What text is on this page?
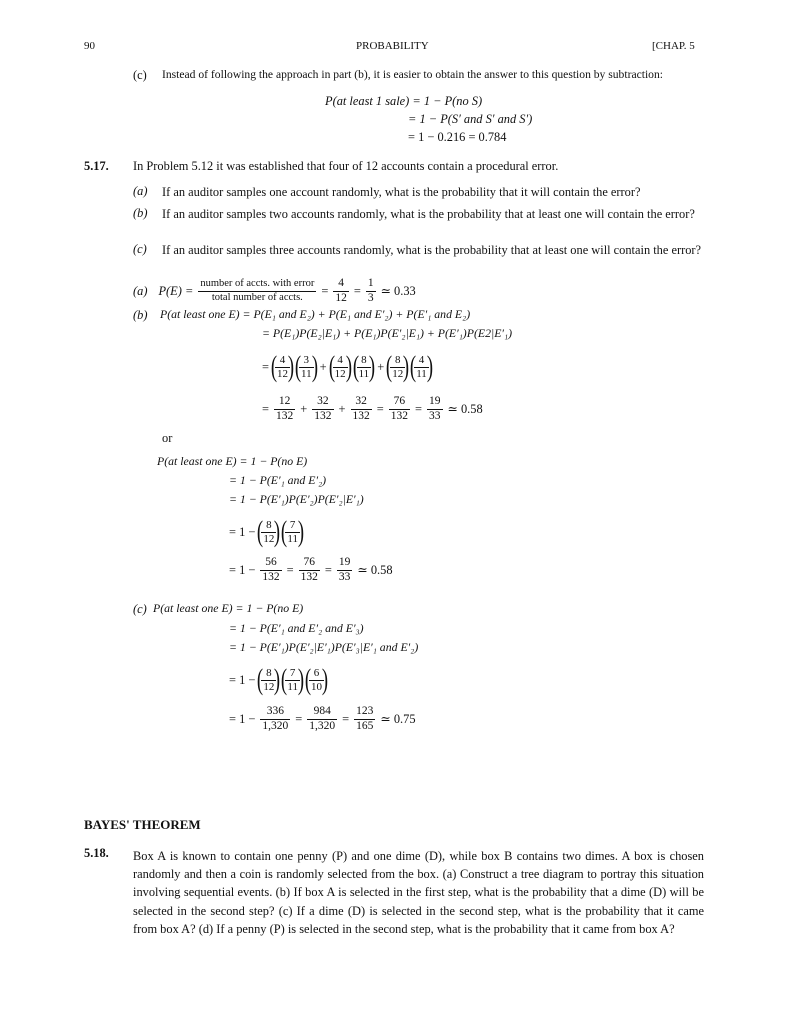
90	PROBABILITY	[CHAP. 5
(c) Instead of following the approach in part (b), it is easier to obtain the answer to this question by subtraction:
P(at least 1 sale) = 1 − P(no S)
= 1 − P(S′ and S′ and S′)
= 1 − 0.216 = 0.784
5.17. In Problem 5.12 it was established that four of 12 accounts contain a procedural error.
(a) If an auditor samples one account randomly, what is the probability that it will contain the error?
(b) If an auditor samples two accounts randomly, what is the probability that at least one will contain the error?
(c) If an auditor samples three accounts randomly, what is the probability that at least one will contain the error?
(a) $P(E) = \frac{\text{number of accts. with error}}{\text{total number of accts.}} = \frac{4}{12} = \frac{1}{3}$ ≃ 0.33
(b) P(at least one E) = P(E₁ and E₂) + P(E₁ and E′₂) + P(E′₁ and E₂)
= P(E₁)P(E₂|E₁) + P(E₁)P(E′₂|E₁) + P(E′₁)P(E2|E′₁)
= (
$\frac{4}{12}$
) (
$\frac{3}{11}$
) + (
$\frac{4}{12}$
) (
$\frac{8}{11}$
) + (
$\frac{8}{12}$
) (
$\frac{4}{11}$
)
= $\frac{12}{132} + \frac{32}{132} + \frac{32}{132} = \frac{76}{132} = \frac{19}{33}$ ≃ 0.58
or
P(at least one E) = 1 − P(no E)
= 1 − P(E′₁ and E′₂)
= 1 − P(E′₁)P(E′₂)P(E′₂|E′₁)
= 1 − (
$\frac{8}{12}$
) (
$\frac{7}{11}$
)
= $1 - \frac{56}{132} = \frac{76}{132} = \frac{19}{33}$ ≃ 0.58
(c) P(at least one E) = 1 − P(no E)
= 1 − P(E′₁ and E′₂ and E′₃)
= 1 − P(E′₁)P(E′₂|E′₁)P(E′₃|E′₁ and E′₂)
= 1 − (
$\frac{8}{12}$
) (
$\frac{7}{11}$
) (
$\frac{6}{10}$
)
= $1 - \frac{336}{1,320} = \frac{984}{1,320} = \frac{123}{165}$ ≃ 0.75
BAYES' THEOREM
5.18. Box A is known to contain one penny (P) and one dime (D), while box B contains two dimes. A box is chosen randomly and then a coin is randomly selected from the box. (a) Construct a tree diagram to portray this situation involving sequential events. (b) If box A is selected in the first step, what is the probability that a dime (D) will be selected in the second step? (c) If a dime (D) is selected in the second step, what is the probability that it came from box A? (d) If a penny (P) is selected in the second step, what is the probability that it came from box A?
